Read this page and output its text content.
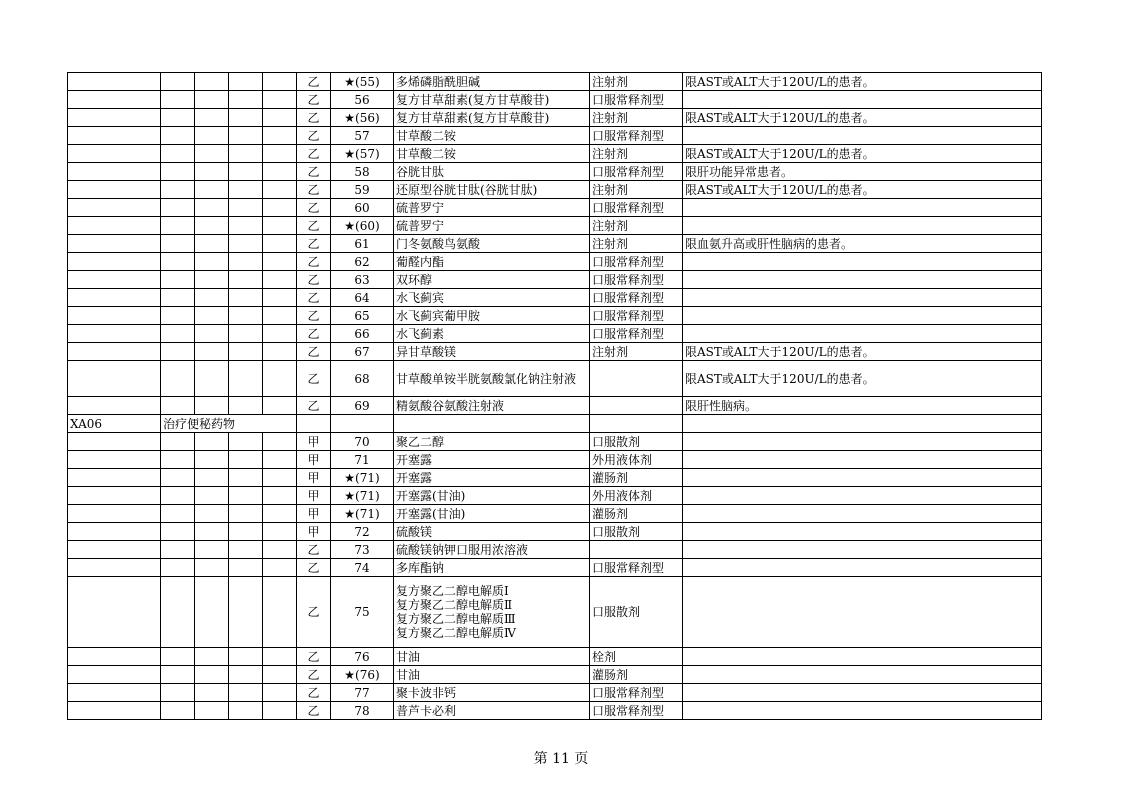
					乙	★(55)	多烯磷脂酰胆碱	注射剂	限AST或ALT大于120U/L的患者。
					乙	56	复方甘草甜素(复方甘草酸苷)	口服常释剂型	
					乙	★(56)	复方甘草甜素(复方甘草酸苷)	注射剂	限AST或ALT大于120U/L的患者。
					乙	57	甘草酸二铵	口服常释剂型	
					乙	★(57)	甘草酸二铵	注射剂	限AST或ALT大于120U/L的患者。
					乙	58	谷胱甘肽	口服常释剂型	限肝功能异常患者。
					乙	59	还原型谷胱甘肽(谷胱甘肽)	注射剂	限AST或ALT大于120U/L的患者。
					乙	60	硫普罗宁	口服常释剂型	
					乙	★(60)	硫普罗宁	注射剂	
					乙	61	门冬氨酸鸟氨酸	注射剂	限血氨升高或肝性脑病的患者。
					乙	62	葡醛内酯	口服常释剂型	
					乙	63	双环醇	口服常释剂型	
					乙	64	水飞蓟宾	口服常释剂型	
					乙	65	水飞蓟宾葡甲胺	口服常释剂型	
					乙	66	水飞蓟素	口服常释剂型	
					乙	67	异甘草酸镁	注射剂	限AST或ALT大于120U/L的患者。
					乙	68	甘草酸单铵半胱氨酸氯化钠注射液		限AST或ALT大于120U/L的患者。
					乙	69	精氨酸谷氨酸注射液		限肝性脑病。
XA06	治疗便秘药物								
					甲	70	聚乙二醇	口服散剂	
					甲	71	开塞露	外用液体剂	
					甲	★(71)	开塞露	灌肠剂	
					甲	★(71)	开塞露(甘油)	外用液体剂	
					甲	★(71)	开塞露(甘油)	灌肠剂	
					甲	72	硫酸镁	口服散剂	
					乙	73	硫酸镁钠钾口服用浓溶液		
					乙	74	多库酯钠	口服常释剂型	
					乙	75	复方聚乙二醇电解质Ⅰ
复方聚乙二醇电解质Ⅱ
复方聚乙二醇电解质Ⅲ
复方聚乙二醇电解质Ⅳ	口服散剂	
					乙	76	甘油	栓剂	
					乙	★(76)	甘油	灌肠剂	
					乙	77	聚卡波非钙	口服常释剂型	
					乙	78	普芦卡必利	口服常释剂型	
第 11 页
